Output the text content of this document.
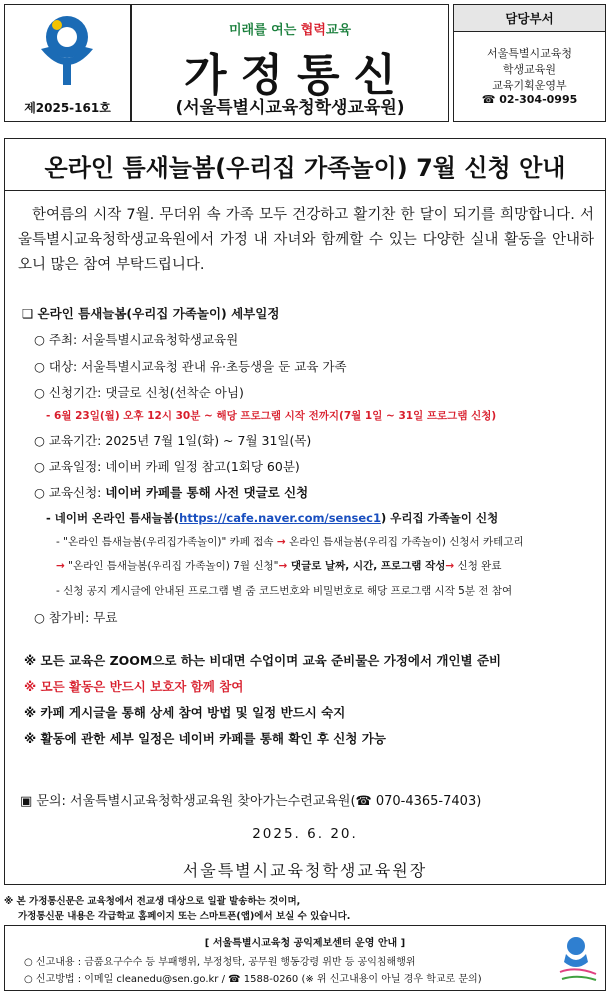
제2025-161호
미래를 여는 협력교육
가정통신
(서울특별시교육청학생교육원)
담당부서
서울특별시교육청
학생교육원
교육기획운영부
☎ 02-304-0995
온라인 틈새늘봄(우리집 가족놀이) 7월 신청 안내
한여름의 시작 7월. 무더위 속 가족 모두 건강하고 활기찬 한 달이 되기를 희망합니다. 서울특별시교육청학생교육원에서 가정 내 자녀와 함께할 수 있는 다양한 실내 활동을 안내하오니 많은 참여 부탁드립니다.
❑ 온라인 틈새늘봄(우리집 가족놀이) 세부일정
○ 주최: 서울특별시교육청학생교육원
○ 대상: 서울특별시교육청 관내 유·초등생을 둔 교육 가족
○ 신청기간: 댓글로 신청(선착순 아님)
- 6월 23일(월) 오후 12시 30분 ~ 해당 프로그램 시작 전까지(7월 1일 ~ 31일 프로그램 신청)
○ 교육기간: 2025년 7월 1일(화) ~ 7월 31일(목)
○ 교육일정: 네이버 카페 일정 참고(1회당 60분)
○ 교육신청: 네이버 카페를 통해 사전 댓글로 신청
- 네이버 온라인 틈새늘봄(https://cafe.naver.com/sensec1) 우리집 가족놀이 신청
- "온라인 틈새늘봄(우리집가족놀이)" 카페 접속 → 온라인 틈새늘봄(우리집 가족놀이) 신청서 카테고리
→ "온라인 틈새늘봄(우리집 가족놀이) 7월 신청"→ 댓글로 날짜, 시간, 프로그램 작성→ 신청 완료
- 신청 공지 게시글에 안내된 프로그램 별 줌 코드번호와 비밀번호로 해당 프로그램 시작 5분 전 참여
○ 참가비: 무료
※ 모든 교육은 ZOOM으로 하는 비대면 수업이며 교육 준비물은 가정에서 개인별 준비
※ 모든 활동은 반드시 보호자 함께 참여
※ 카페 게시글을 통해 상세 참여 방법 및 일정 반드시 숙지
※ 활동에 관한 세부 일정은 네이버 카페를 통해 확인 후 신청 가능
▣ 문의: 서울특별시교육청학생교육원 찾아가는수련교육원(☎ 070-4365-7403)
2025. 6. 20.
서울특별시교육청학생교육원장
※ 본 가정통신문은 교육청에서 전교생 대상으로 일괄 발송하는 것이며,
가정통신문 내용은 각급학교 홈페이지 또는 스마트폰(앱)에서 보실 수 있습니다.
[ 서울특별시교육청 공익제보센터 운영 안내 ]
○ 신고내용 : 금품요구수수 등 부패행위, 부정청탁, 공무원 행동강령 위반 등 공익침해행위
○ 신고방법 : 이메일 cleanedu@sen.go.kr / ☎ 1588-0260 (※ 위 신고내용이 아닐 경우 학교로 문의)
